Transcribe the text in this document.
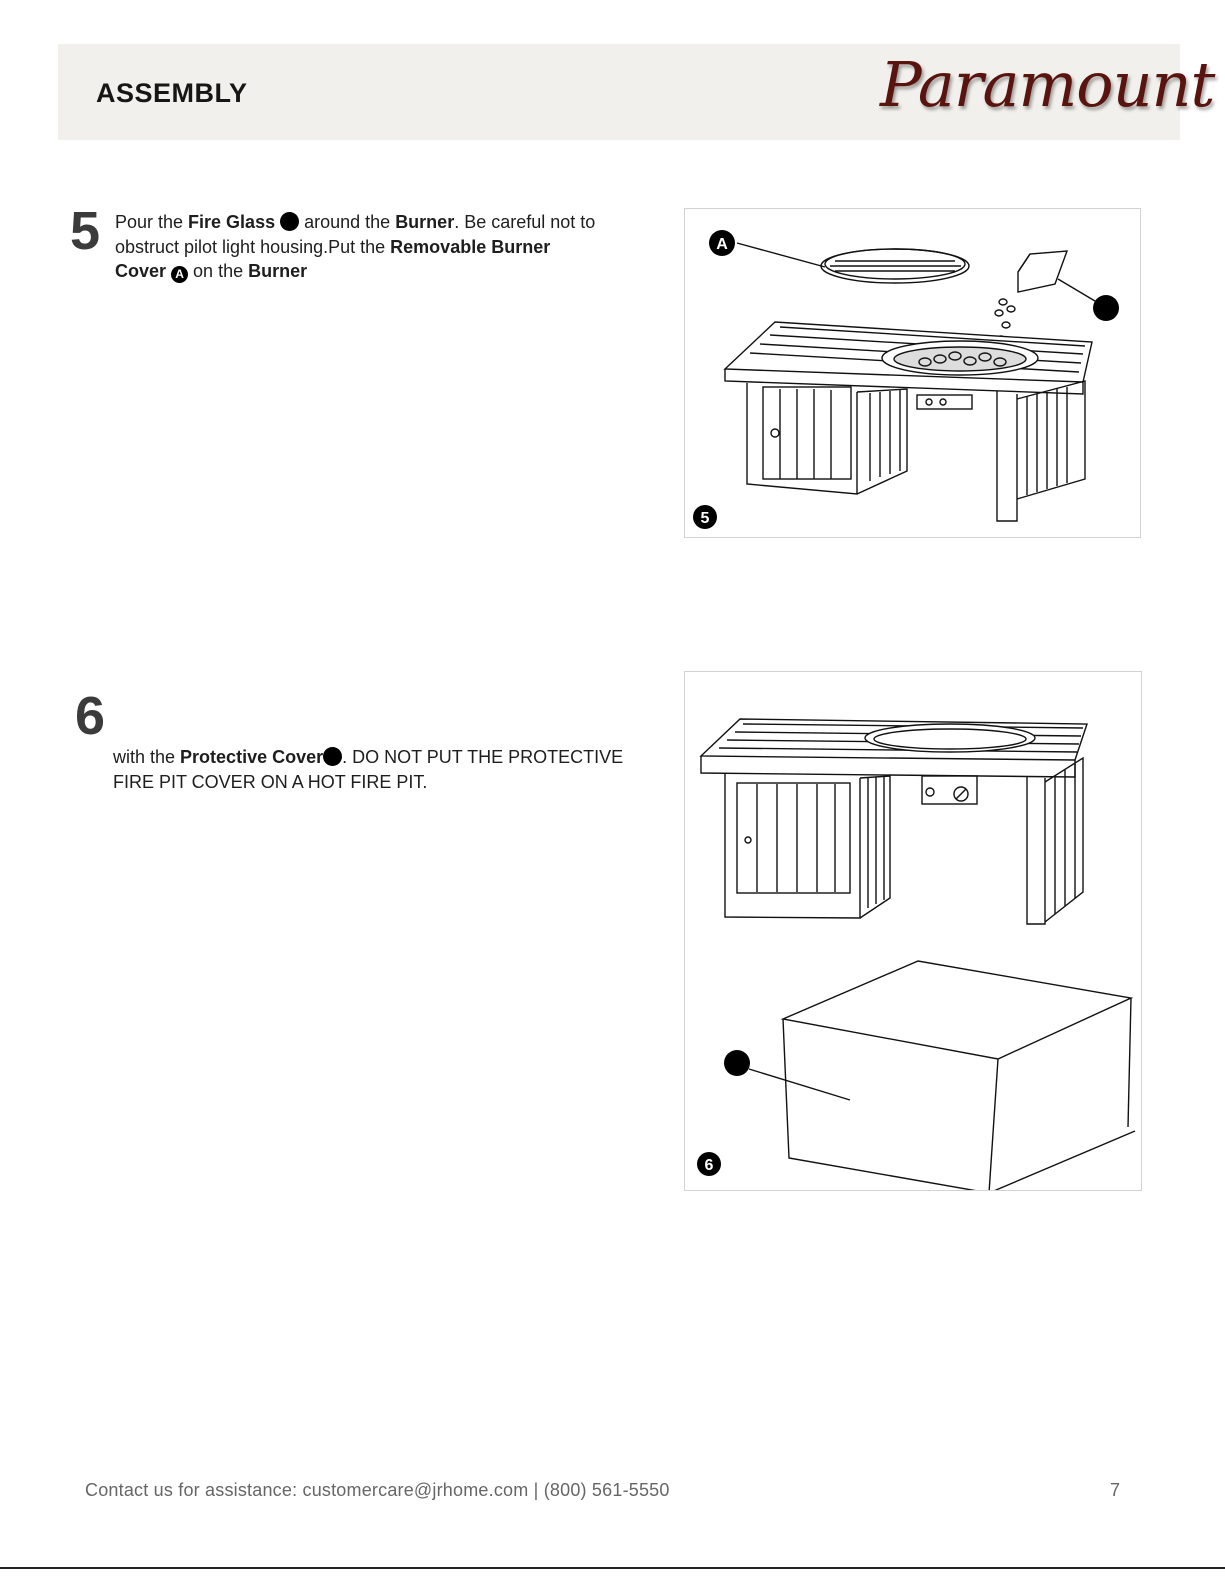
ASSEMBLY	Paramount
5 Pour the Fire Glass  around the Burner. Be careful not to obstruct pilot light housing.Put the Removable Burner Cover A on the Burner
A
5
6
with the Protective Cover . DO NOT PUT THE PROTECTIVE FIRE PIT COVER ON A HOT FIRE PIT.
6
Contact us for assistance: customercare@jrhome.com | (800) 561-5550	7
